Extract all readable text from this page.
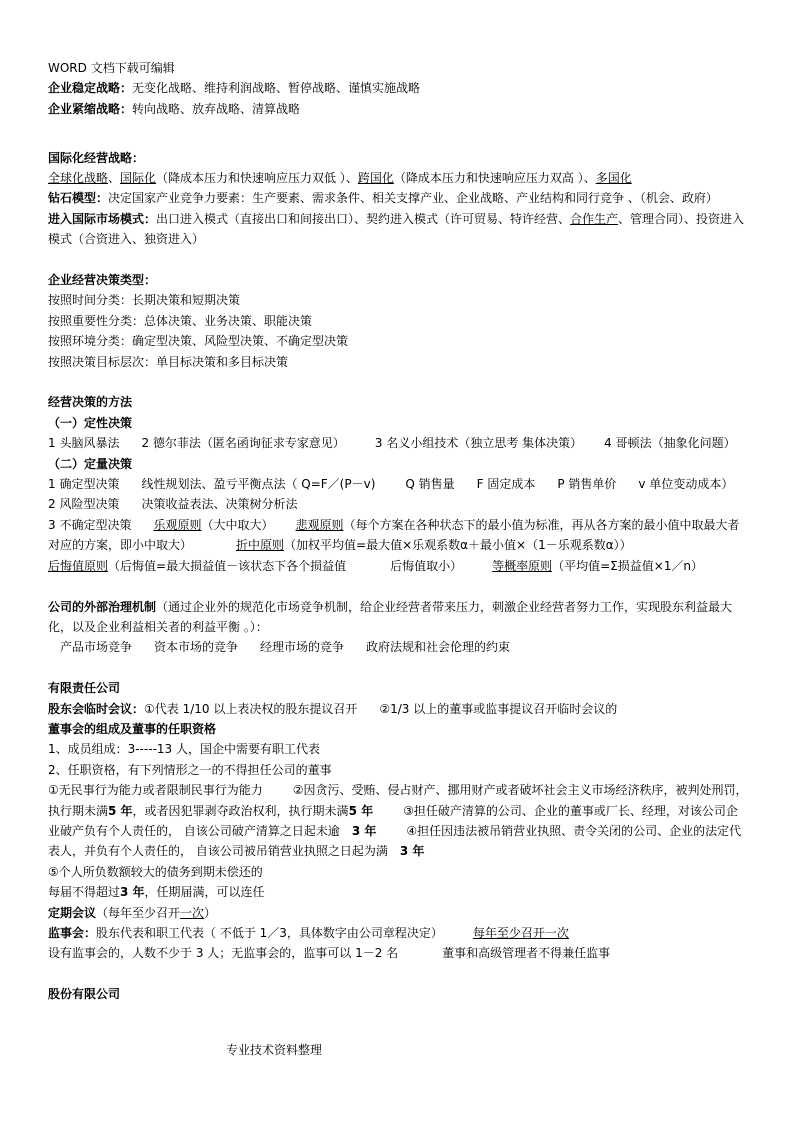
WORD 文档下载可编辑
企业稳定战略：无变化战略、维持利润战略、暂停战略、谨慎实施战略
企业紧缩战略：转向战略、放弃战略、清算战略
国际化经营战略：
全球化战略、国际化（降成本压力和快速响应压力双低 ）、跨国化（降成本压力和快速响应压力双高 ）、多国化
钻石模型：决定国家产业竞争力要素：生产要素、需求条件、相关支撑产业、企业战略、产业结构和同行竞争 、（机会、政府）
进入国际市场模式：出口进入模式（直接出口和间接出口）、契约进入模式（许可贸易、特许经营、合作生产、管理合同）、投资进入模式（合资进入、独资进入）
企业经营决策类型：
按照时间分类：长期决策和短期决策
按照重要性分类：总体决策、业务决策、职能决策
按照环境分类：确定型决策、风险型决策、不确定型决策
按照决策目标层次：单目标决策和多目标决策
经营决策的方法
（一）定性决策
1 头脑风暴法 2 德尔菲法（匿名函询征求专家意见）	3 名义小组技术（独立思考 集体决策） 4 哥顿法（抽象化问题）
（二）定量决策
1 确定型决策 线性规划法、盈亏平衡点法（ Q=F／(P－v)	Q 销售量 F 固定成本 P 销售单价 v 单位变动成本）
2 风险型决策 决策收益表法、决策树分析法
3 不确定型决策 乐观原则（大中取大） 悲观原则（每个方案在各种状态下的最小值为标准，再从各方案的最小值中取最大者对应的方案，即小中取大）	折中原则（加权平均值=最大值×乐观系数α＋最小值×（1－乐观系数α））
后悔值原则（后悔值=最大损益值－该状态下各个损益值	后悔值取小）	等概率原则（平均值=Σ损益值×1／n）
公司的外部治理机制（通过企业外的规范化市场竞争机制，给企业经营者带来压力，刺激企业经营者努力工作，实现股东利益最大化，以及企业利益相关者的利益平衡 。）：
产品市场竞争 资本市场的竞争 经理市场的竞争 政府法规和社会伦理的约束
有限责任公司
股东会临时会议：①代表 1/10 以上表决权的股东提议召开 ②1/3 以上的董事或监事提议召开临时会议的
董事会的组成及董事的任职资格
1、成员组成：3-----13 人，国企中需要有职工代表
2、任职资格，有下列情形之一的不得担任公司的董事
①无民事行为能力或者限制民事行为能力	②因贪污、受贿、侵占财产、挪用财产或者破坏社会主义市场经济秩序，被判处刑罚，执行期未满5 年，或者因犯罪剥夺政治权利，执行期未满5 年	③担任破产清算的公司、企业的董事或厂长、经理，对该公司企业破产负有个人责任的， 自该公司破产清算之日起未逾 3 年	④担任因违法被吊销营业执照、责令关闭的公司、企业的法定代表人，并负有个人责任的， 自该公司被吊销营业执照之日起为满 3 年
⑤个人所负数额较大的债务到期未偿还的
每届不得超过3 年，任期届满，可以连任
定期会议（每年至少召开一次）
监事会：股东代表和职工代表（ 不低于 1／3，具体数字由公司章程决定）	每年至少召开一次
设有监事会的，人数不少于 3 人；无监事会的，监事可以 1－2 名	董事和高级管理者不得兼任监事
股份有限公司
专业技术资料整理
